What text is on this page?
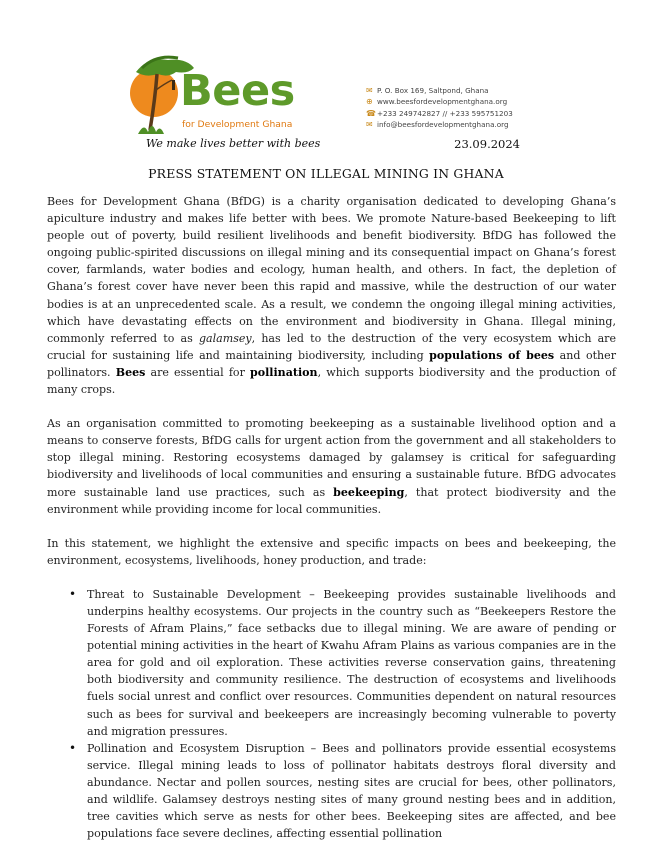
Bees
for Development Ghana
We make lives better with bees
✉ P. O. Box 169, Saltpond, Ghana
⊕ www.beesfordevelopmentghana.org
☎ +233 249742827 // +233 595751203
✉ info@beesfordevelopmentghana.org
23.09.2024
PRESS STATEMENT ON ILLEGAL MINING IN GHANA

Bees for Development Ghana (BfDG) is a charity organisation dedicated to developing Ghana’s apiculture industry and makes life better with bees. We promote Nature-based Beekeeping to lift people out of poverty, build resilient livelihoods and benefit biodiversity. BfDG has followed the ongoing public-spirited discussions on illegal mining and its consequential impact on Ghana’s forest cover, farmlands, water bodies and ecology, human health, and others. In fact, the depletion of Ghana’s forest cover have never been this rapid and massive, while the destruction of our water bodies is at an unprecedented scale. As a result, we condemn the ongoing illegal mining activities, which have devastating effects on the environment and biodiversity in Ghana. Illegal mining, commonly referred to as galamsey, has led to the destruction of the very ecosystem which are crucial for sustaining life and maintaining biodiversity, including populations of bees and other pollinators. Bees are essential for pollination, which supports biodiversity and the production of many crops.

As an organisation committed to promoting beekeeping as a sustainable livelihood option and a means to conserve forests, BfDG calls for urgent action from the government and all stakeholders to stop illegal mining. Restoring ecosystems damaged by galamsey is critical for safeguarding biodiversity and livelihoods of local communities and ensuring a sustainable future. BfDG advocates more sustainable land use practices, such as beekeeping, that protect biodiversity and the environment while providing income for local communities.

In this statement, we highlight the extensive and specific impacts on bees and beekeeping, the environment, ecosystems, livelihoods, honey production, and trade:

• Threat to Sustainable Development – Beekeeping provides sustainable livelihoods and underpins healthy ecosystems. Our projects in the country such as “Beekeepers Restore the Forests of Afram Plains,” face setbacks due to illegal mining. We are aware of pending or potential mining activities in the heart of Kwahu Afram Plains as various companies are in the area for gold and oil exploration. These activities reverse conservation gains, threatening both biodiversity and community resilience. The destruction of ecosystems and livelihoods fuels social unrest and conflict over resources. Communities dependent on natural resources such as bees for survival and beekeepers are increasingly becoming vulnerable to poverty and migration pressures.
• Pollination and Ecosystem Disruption – Bees and pollinators provide essential ecosystems service. Illegal mining leads to loss of pollinator habitats destroys floral diversity and abundance. Nectar and pollen sources, nesting sites are crucial for bees, other pollinators, and wildlife. Galamsey destroys nesting sites of many ground nesting bees and in addition, tree cavities which serve as nests for other bees. Beekeeping sites are affected, and bee populations face severe declines, affecting essential pollination
